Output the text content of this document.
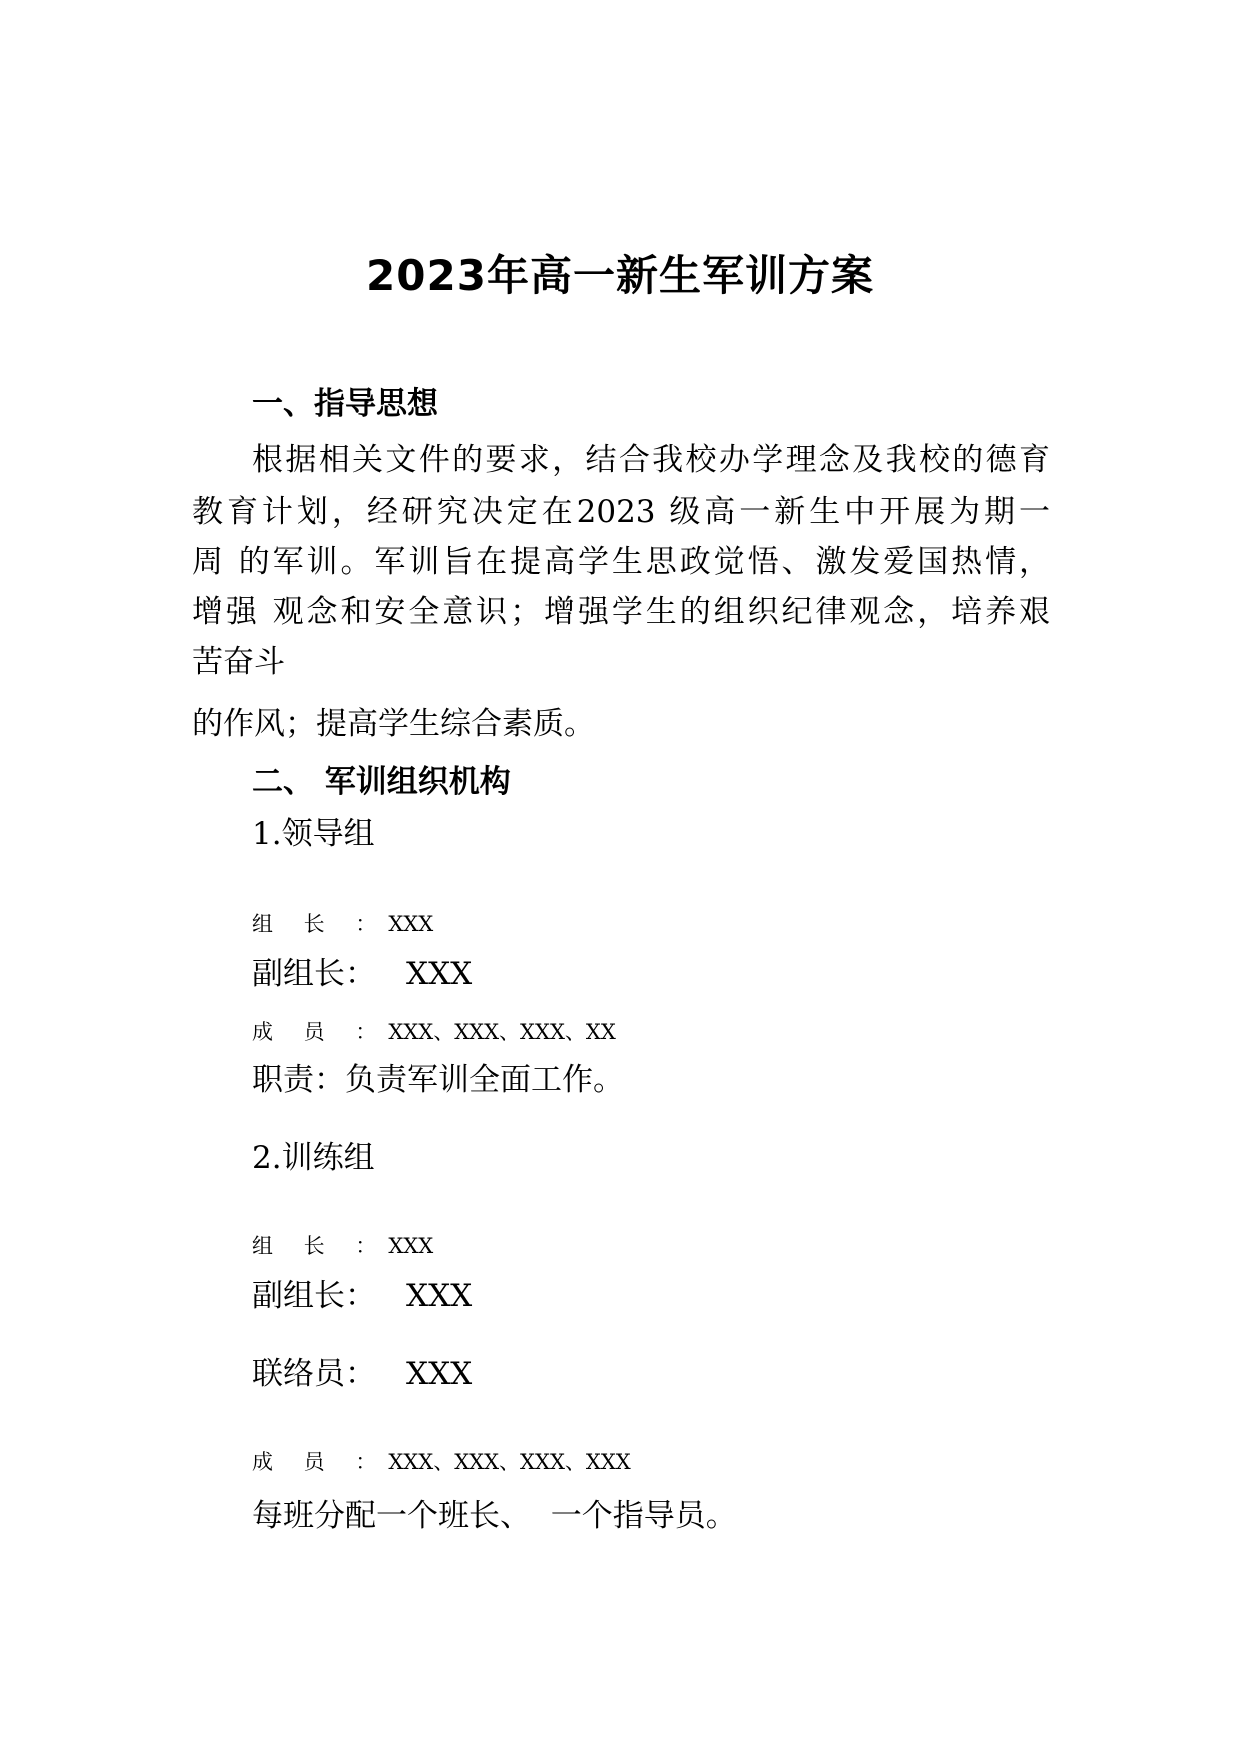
2023年高一新生军训方案
一、指导思想
根据相关文件的要求，结合我校办学理念及我校的德育
教育计划，经研究决定在2023 级高一新生中开展为期一
周 的军训。军训旨在提高学生思政觉悟、激发爱国热情，
增强 观念和安全意识；增强学生的组织纪律观念，培养艰
苦奋斗
的作风；提高学生综合素质。
二、 军训组织机构
1.领导组
组 长 ：XXX
副组长： XXX
成 员 ：XXX、XXX、XXX、XX
职责：负责军训全面工作。
2.训练组
组 长 ：XXX
副组长： XXX
联络员： XXX
成 员 ：XXX、XXX、XXX、XXX
每班分配一个班长、  一个指导员。
